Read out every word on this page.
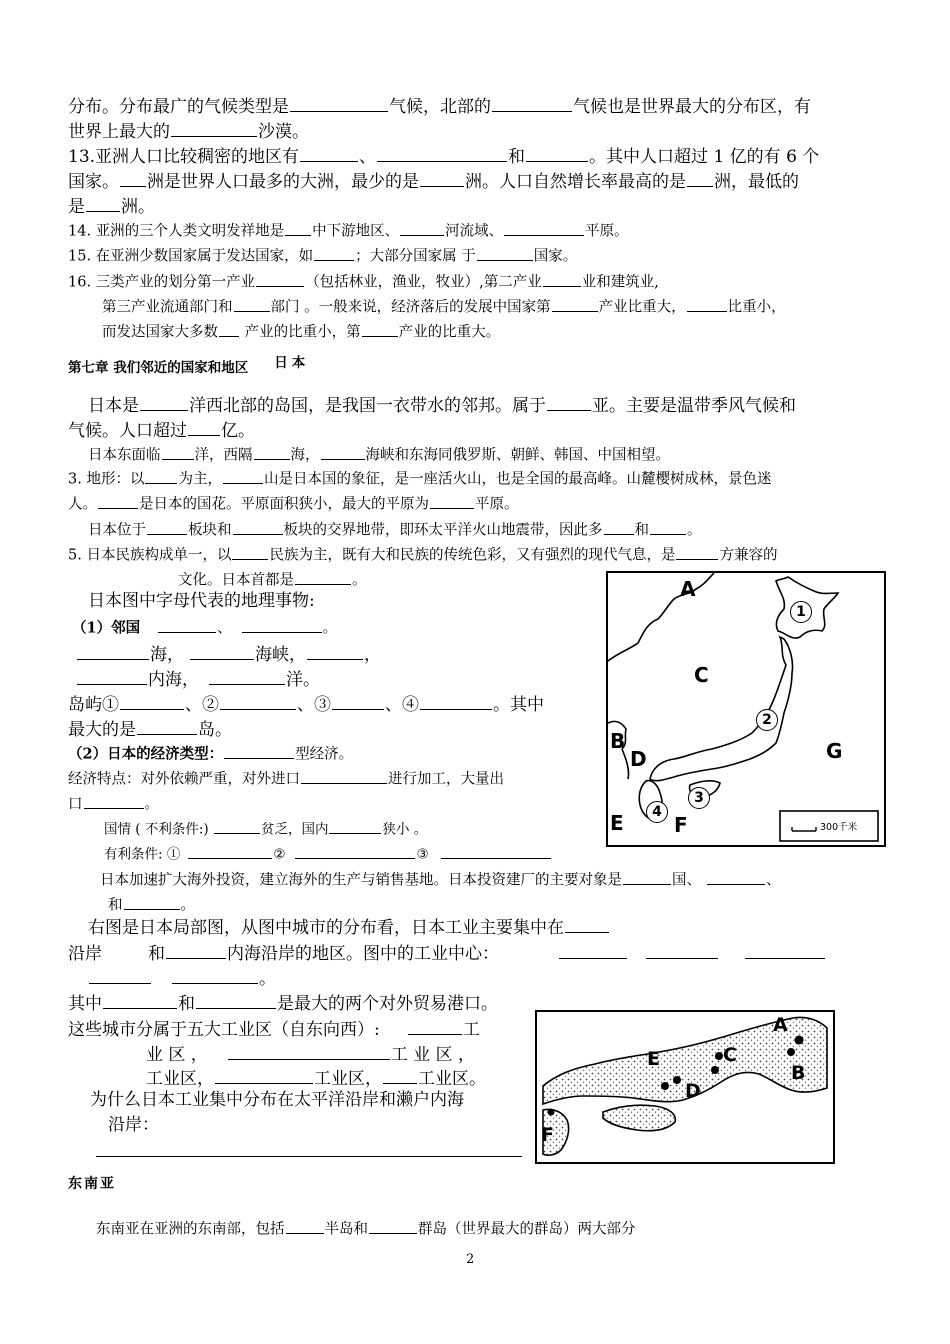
分布。分布最广的气候类型是	气候，北部的	气候也是世界最大的分布区，有
世界上最大的	沙漠。
13.亚洲人口比较稠密的地区有	、	和	。其中人口超过 1 亿的有 6 个
国家。 洲是世界人口最多的大洲，最少的是	洲。人口自然增长率最高的是 洲，最低的
是 洲。
14. 亚洲的三个人类文明发祥地是 中下游地区、	河流域、	平原。
15. 在亚洲少数国家属于发达国家，如	；大部分国家属 于	国家。
16. 三类产业的划分第一产业	（包括林业，渔业，牧业）,第二产业	业和建筑业,
第三产业流通部门和	部门 。一般来说，经济落后的发展中国家第	产业比重大，	比重小，
而发达国家大多数 产业的比重小，第	产业的比重大。
第七章 我们邻近的国家和地区 日本
日本是	洋西北部的岛国，是我国一衣带水的邻邦。属于	亚。主要是温带季风气候和
气候。人口超过 亿。
日本东面临 洋，西隔	海，	海峡和东海同俄罗斯、朝鲜、韩国、中国相望。
3. 地形：以 为主，	山是日本国的象征，是一座活火山，也是全国的最高峰。山麓樱树成林，景色迷
人。	是日本的国花。平原面积狭小，最大的平原为	平原。
日本位于	板块和	板块的交界地带，即环太平洋火山地震带，因此多 和	。
5. 日本民族构成单一，以	民族为主，既有大和民族的传统色彩，又有强烈的现代气息，是	方兼容的
文化。日本首都是	。
日本图中字母代表的地理事物:
（1）邻国	、	。
海，	海峡，	，
内海，	洋。
岛屿①	、②	、③	、④	。其中
最大的是	岛。
（2）日本的经济类型：	型经济。
经济特点：对外依赖严重，对外进口	进行加工，大量出
口	。
国情 ( 不利条件:)	贫乏，国内	狭小 。
有利条件: ①	②	③
日本加速扩大海外投资，建立海外的生产与销售基地。日本投资建厂的主要对象是	国、	、
和	。
右图是日本局部图，从图中城市的分布看，日本工业主要集中在
沿岸	和	内海沿岸的地区。图中的工业中心：
。
其中	和	是最大的两个对外贸易港口。
这些城市分属于五大工业区（自东向西）:	工
业 区 ，	工 业 区 ，
工业区，	工业区， 工业区。
为什么日本工业集中分布在太平洋沿岸和濑户内海
沿岸：
东南亚
东南亚在亚洲的东南部，包括	半岛和	群岛（世界最大的群岛）两大部分
2
A
C
B
D	G
E	F
1
2
3
4
300千米
A
B
C
D
E
F
